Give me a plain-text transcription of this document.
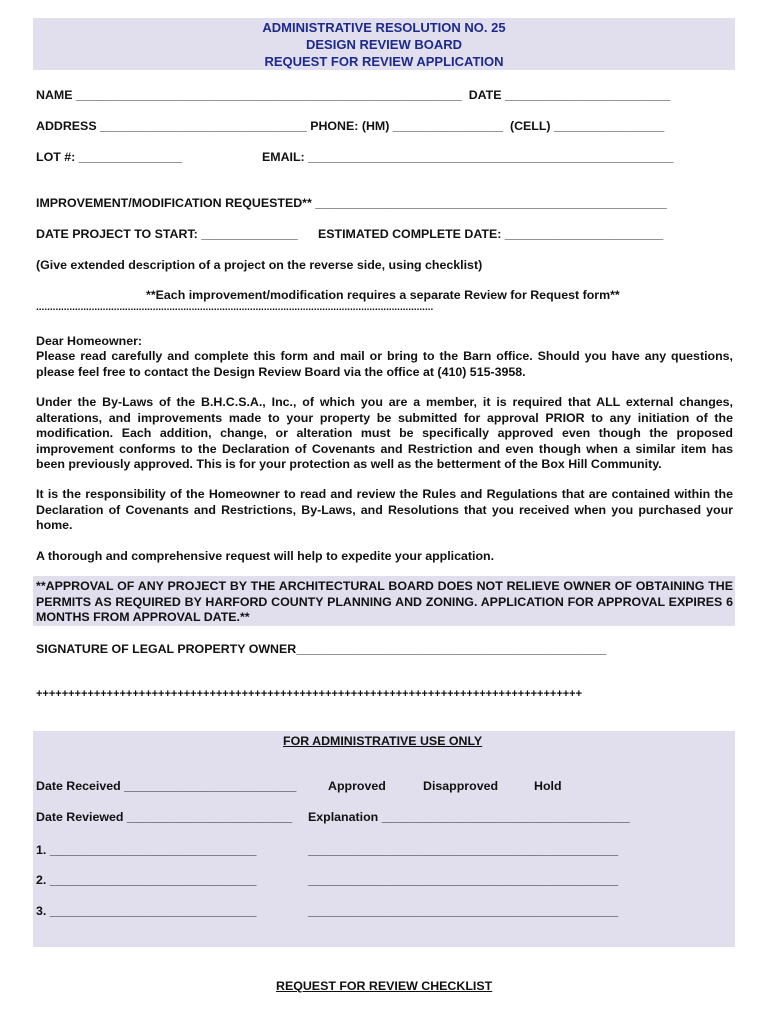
ADMINISTRATIVE RESOLUTION NO. 25
DESIGN REVIEW BOARD
REQUEST FOR REVIEW APPLICATION
NAME ________________________________________________________  DATE ________________________
ADDRESS ______________________________ PHONE: (HM) ________________  (CELL) ________________
LOT #: _______________	EMAIL: _____________________________________________________
IMPROVEMENT/MODIFICATION REQUESTED** ___________________________________________________
DATE PROJECT TO START: ______________ ESTIMATED COMPLETE DATE: _______________________
(Give extended description of a project on the reverse side, using checklist)
**Each improvement/modification requires a separate Review for Request form**
...............................................................................................................................................
Dear Homeowner:
Please read carefully and complete this form and mail or bring to the Barn office. Should you have any questions, please feel free to contact the Design Review Board via the office at (410) 515-3958.
Under the By-Laws of the B.H.C.S.A., Inc., of which you are a member, it is required that ALL external changes, alterations, and improvements made to your property be submitted for approval PRIOR to any initiation of the modification. Each addition, change, or alteration must be specifically approved even though the proposed improvement conforms to the Declaration of Covenants and Restriction and even though when a similar item has been previously approved. This is for your protection as well as the betterment of the Box Hill Community.
It is the responsibility of the Homeowner to read and review the Rules and Regulations that are contained within the Declaration of Covenants and Restrictions, By-Laws, and Resolutions that you received when you purchased your home.
A thorough and comprehensive request will help to expedite your application.
**APPROVAL OF ANY PROJECT BY THE ARCHITECTURAL BOARD DOES NOT RELIEVE OWNER OF OBTAINING THE PERMITS AS REQUIRED BY HARFORD COUNTY PLANNING AND ZONING. APPLICATION FOR APPROVAL EXPIRES 6 MONTHS FROM APPROVAL DATE.**
SIGNATURE OF LEGAL PROPERTY OWNER_____________________________________________
+++++++++++++++++++++++++++++++++++++++++++++++++++++++++++++++++++++++++++++++++++++
FOR ADMINISTRATIVE USE ONLY
Date Received _________________________	Approved	Disapproved	Hold
Date Reviewed ________________________ Explanation ____________________________________
1. ______________________________	_____________________________________________
2. ______________________________	_____________________________________________
3. ______________________________	_____________________________________________
REQUEST FOR REVIEW CHECKLIST
